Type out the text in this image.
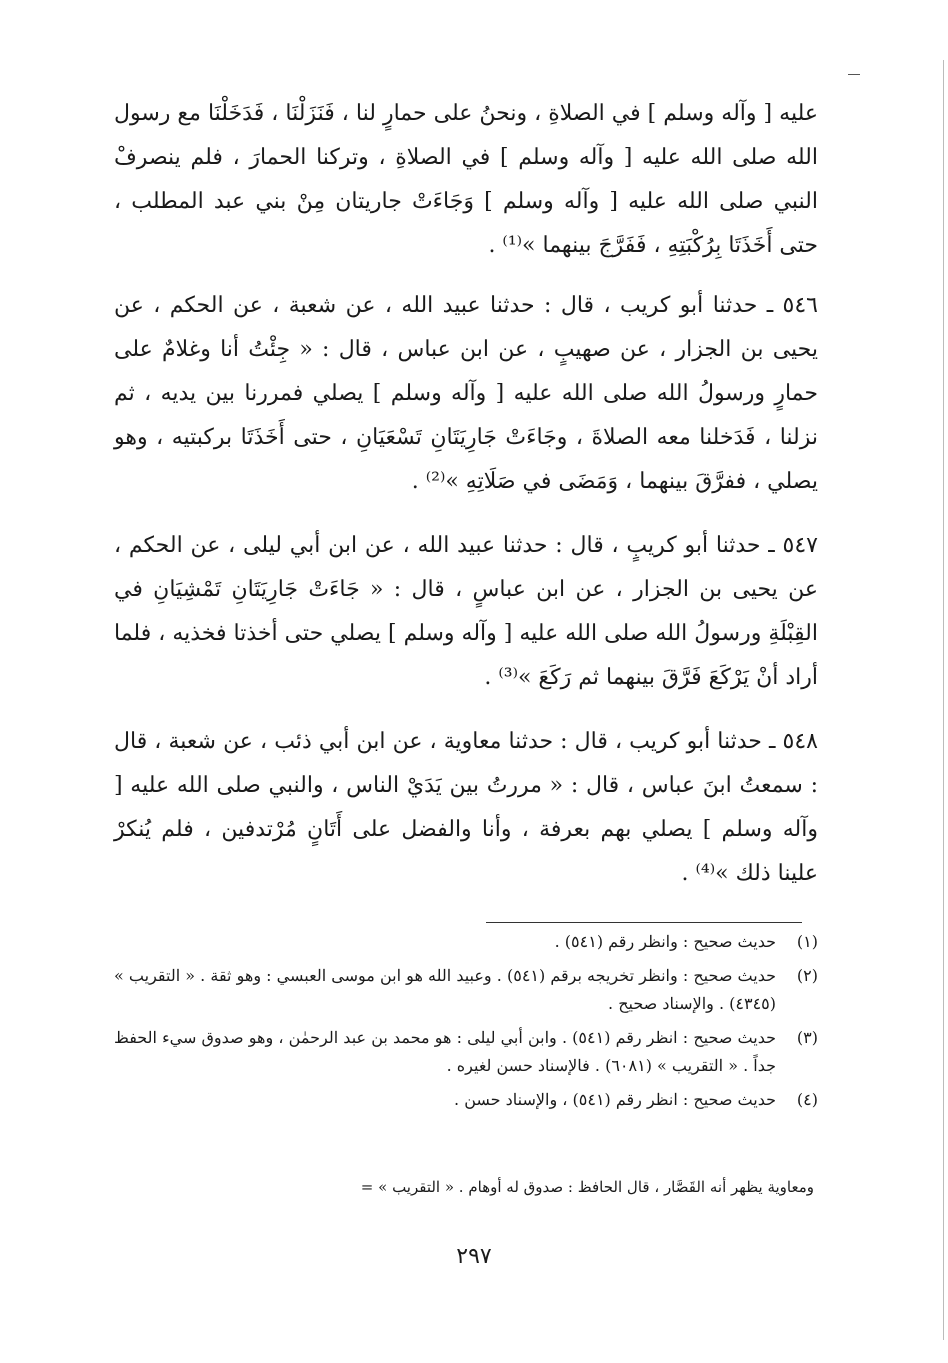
عليه [ وآله وسلم ] في الصلاةِ ، ونحنُ على حمارٍ لنا ، فَنَزَلْنَا ، فَدَخَلْنَا مع رسول الله صلى الله عليه [ وآله وسلم ] في الصلاةِ ، وتركنا الحمارَ ، فلم ينصرفْ النبي صلى الله عليه [ وآله وسلم ] وَجَاءَتْ جاريتان مِنْ بني عبد المطلب ، حتى أَخَذَتَا بِرُكْبَتِهِ ، فَفَرَّجَ بينهما »⁽¹⁾ .

٥٤٦ ـ حدثنا أبو كريب ، قال : حدثنا عبيد الله ، عن شعبة ، عن الحكم ، عن يحيى بن الجزار ، عن صهيبٍ ، عن ابن عباس ، قال : « جِئْتُ أنا وغلامٌ على حمارٍ ورسولُ الله صلى الله عليه [ وآله وسلم ] يصلي فمررنا بين يديه ، ثم نزلنا ، فَدَخلنا معه الصلاةَ ، وجَاءَتْ جَارِيَتَانِ تَسْعَيَانِ ، حتى أَخَذَتَا بركبتيه ، وهو يصلي ، ففرَّقَ بينهما ، وَمَضَى في صَلَاتِهِ »⁽²⁾ .

٥٤٧ ـ حدثنا أبو كريبٍ ، قال : حدثنا عبيد الله ، عن ابن أبي ليلى ، عن الحكم ، عن يحيى بن الجزار ، عن ابن عباسٍ ، قال : « جَاءَتْ جَارِيَتَانِ تَمْشِيَانِ في القِبْلَةِ ورسولُ الله صلى الله عليه [ وآله وسلم ] يصلي حتى أخذتا فخذيه ، فلما أراد أنْ يَرْكَعَ فَرَّقَ بينهما ثم رَكَعَ »⁽³⁾ .

٥٤٨ ـ حدثنا أبو كريب ، قال : حدثنا معاوية ، عن ابن أبي ذئب ، عن شعبة ، قال : سمعتُ ابنَ عباس ، قال : « مررتُ بين يَدَيْ الناس ، والنبي صلى الله عليه [ وآله وسلم ] يصلي بهم بعرفة ، وأنا والفضل على أَتَانٍ مُرْتدفين ، فلم يُنكرْ علينا ذلك »⁽⁴⁾ .

(١)
حديث صحيح : وانظر رقم (٥٤١) .
(٢)
حديث صحيح : وانظر تخريجه برقم (٥٤١) . وعبيد الله هو ابن موسى العبسي : وهو ثقة . « التقريب » (٤٣٤٥) . والإسناد صحيح .
(٣)
حديث صحيح : انظر رقم (٥٤١) . وابن أبي ليلى : هو محمد بن عبد الرحمٰن ، وهو صدوق سيء الحفظ جداً . « التقريب » (٦٠٨١) . فالإسناد حسن لغيره .
(٤)
حديث صحيح : انظر رقم (٥٤١) ، والإسناد حسن .
ومعاوية يظهر أنه القَصَّار ، قال الحافظ : صدوق له أوهام . « التقريب » =
٢٩٧
